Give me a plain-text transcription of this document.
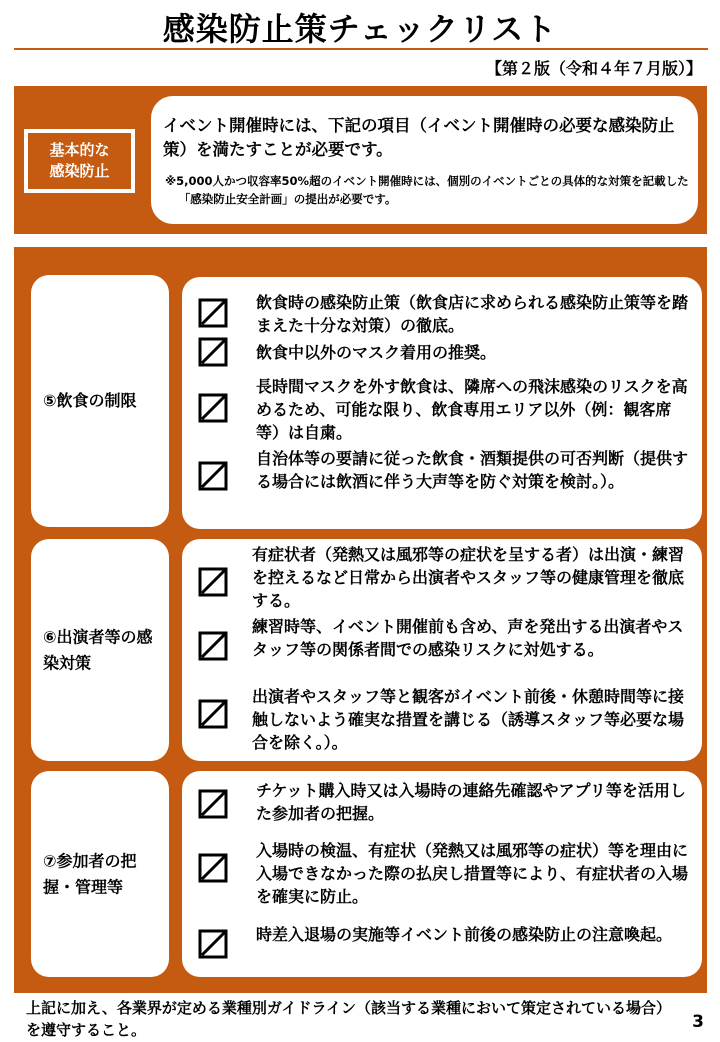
感染防止策チェックリスト
【第２版（令和４年７月版）】
基本的な
感染防止
イベント開催時には、下記の項目（イベント開催時の必要な感染防止策）を満たすことが必要です。
※5,000人かつ収容率50%超のイベント開催時には、個別のイベントごとの具体的な対策を記載した「感染防止安全計画」の提出が必要です。
⑤飲食の制限
飲食時の感染防止策（飲食店に求められる感染防止策等を踏まえた十分な対策）の徹底。
飲食中以外のマスク着用の推奨。
長時間マスクを外す飲食は、隣席への飛沫感染のリスクを高めるため、可能な限り、飲食専用エリア以外（例：観客席等）は自粛。
自治体等の要請に従った飲食・酒類提供の可否判断（提供する場合には飲酒に伴う大声等を防ぐ対策を検討。）。
⑥出演者等の感染対策
有症状者（発熱又は風邪等の症状を呈する者）は出演・練習を控えるなど日常から出演者やスタッフ等の健康管理を徹底する。
練習時等、イベント開催前も含め、声を発出する出演者やスタッフ等の関係者間での感染リスクに対処する。
出演者やスタッフ等と観客がイベント前後・休憩時間等に接触しないよう確実な措置を講じる（誘導スタッフ等必要な場合を除く。）。
⑦参加者の把握・管理等
チケット購入時又は入場時の連絡先確認やアプリ等を活用した参加者の把握。
入場時の検温、有症状（発熱又は風邪等の症状）等を理由に入場できなかった際の払戻し措置等により、有症状者の入場を確実に防止。
時差入退場の実施等イベント前後の感染防止の注意喚起。
上記に加え、各業界が定める業種別ガイドライン（該当する業種において策定されている場合）を遵守すること。	3
